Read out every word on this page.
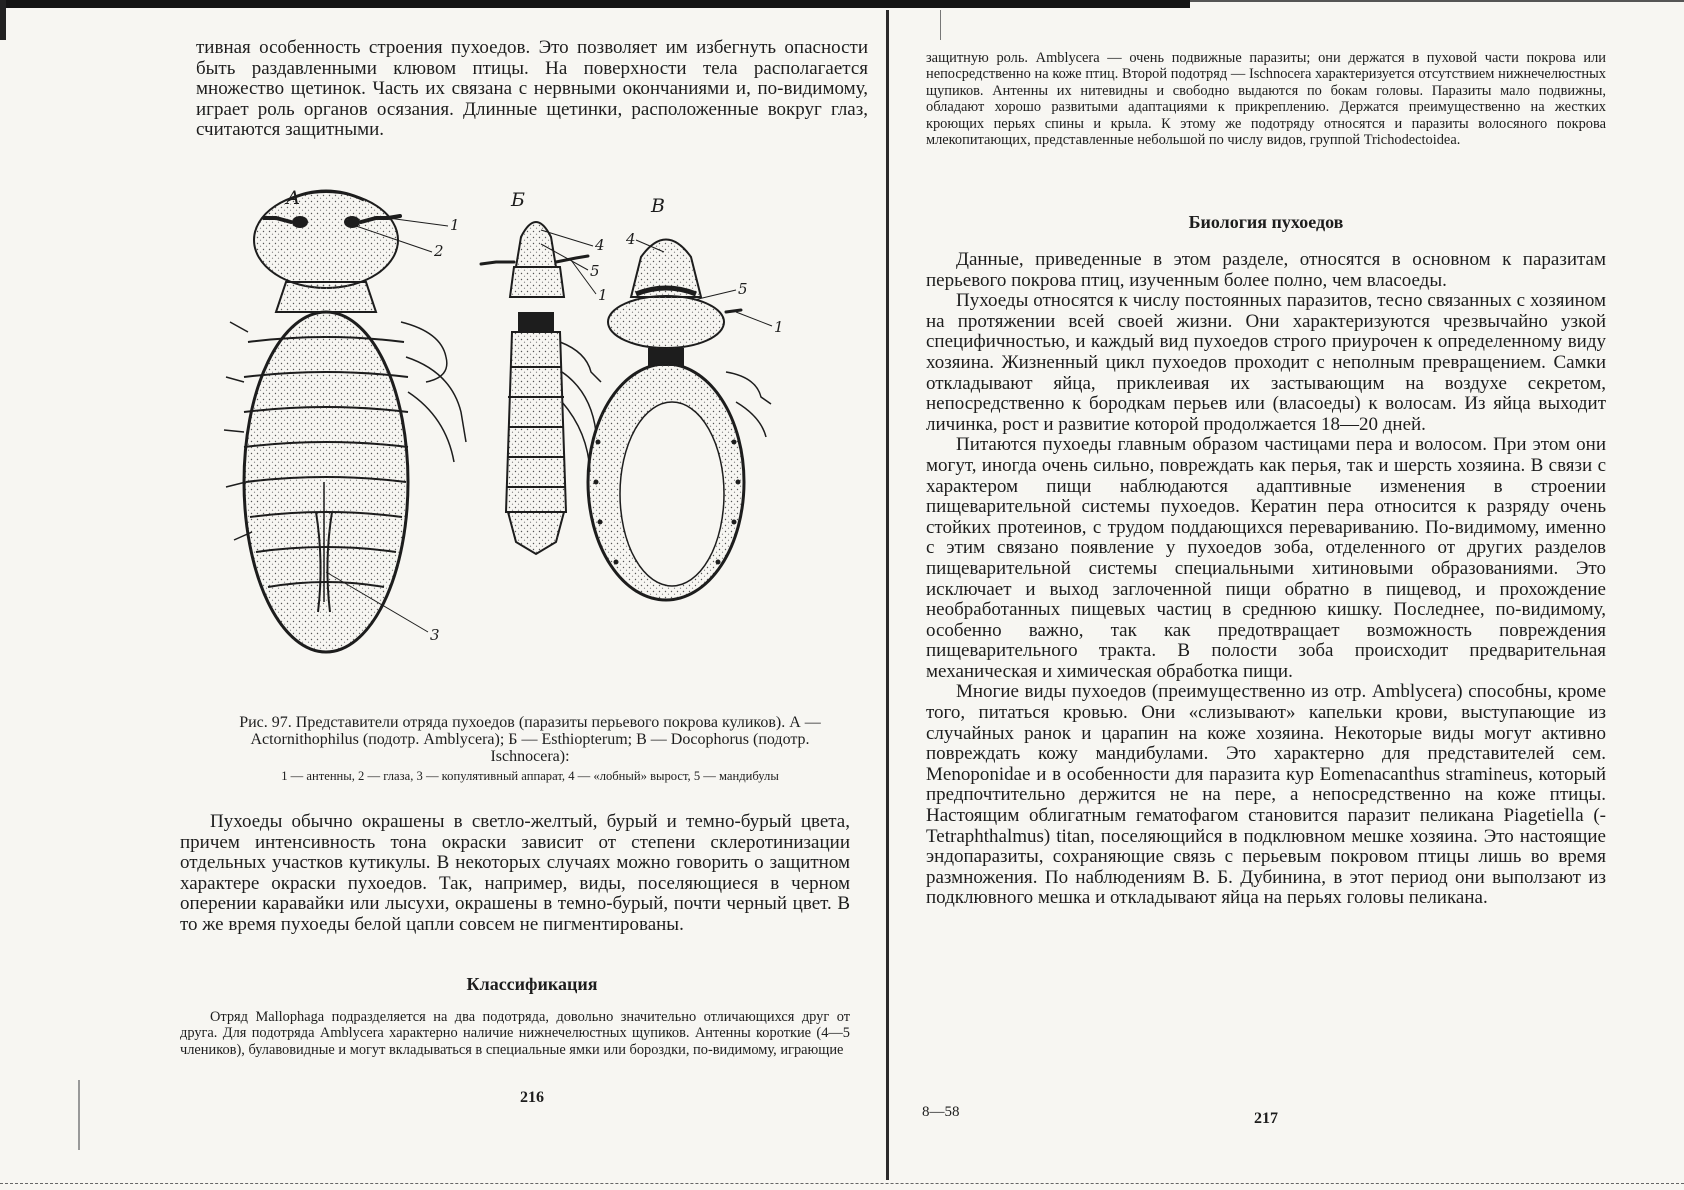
тивная особенность строения пухоедов. Это позволяет им избегнуть опасности быть раздавленными клювом птицы. На поверхности тела располагается множество щетинок. Часть их связана с нервными окончаниями и, по-видимому, играет роль органов осязания. Длинные щетинки, расположенные вокруг глаз, считаются защитными.

А	Б	В
1
2
3
4
5
1
4
5
1
Рис. 97. Представители отряда пухоедов (паразиты перьевого покрова куликов). А — Actornithophilus (подотр. Amblycera); Б — Esthiopterum; В — Docophorus (подотр. Ischnocera):
1 — антенны, 2 — глаза, 3 — копулятивный аппарат, 4 — «лобный» вырост, 5 — мандибулы

Пухоеды обычно окрашены в светло-желтый, бурый и темно-бурый цвета, причем интенсивность тона окраски зависит от степени склеротинизации отдельных участков кутикулы. В некоторых случаях можно говорить о защитном характере окраски пухоедов. Так, например, виды, поселяющиеся в черном оперении каравайки или лысухи, окрашены в темно-бурый, почти черный цвет. В то же время пухоеды белой цапли совсем не пигментированы.

Классификация

Отряд Mallophaga подразделяется на два подотряда, довольно значительно отличающихся друг от друга. Для подотряда Amblycera характерно наличие нижнечелюстных щупиков. Антенны короткие (4—5 члеников), булавовидные и могут вкладываться в специальные ямки или бороздки, по-видимому, играющие

216

защитную роль. Amblycera — очень подвижные паразиты; они держатся в пуховой части покрова или непосредственно на коже птиц. Второй подотряд — Ischnocera характеризуется отсутствием нижнечелюстных щупиков. Антенны их нитевидны и свободно выдаются по бокам головы. Паразиты мало подвижны, обладают хорошо развитыми адаптациями к прикреплению. Держатся преимущественно на жестких кроющих перьях спины и крыла. К этому же подотряду относятся и паразиты волосяного покрова млекопитающих, представленные небольшой по числу видов, группой Trichodectoidea.

Биология пухоедов

Данные, приведенные в этом разделе, относятся в основном к паразитам перьевого покрова птиц, изученным более полно, чем власоеды.

Пухоеды относятся к числу постоянных паразитов, тесно связанных с хозяином на протяжении всей своей жизни. Они характеризуются чрезвычайно узкой специфичностью, и каждый вид пухоедов строго приурочен к определенному виду хозяина. Жизненный цикл пухоедов проходит с неполным превращением. Самки откладывают яйца, приклеивая их застывающим на воздухе секретом, непосредственно к бородкам перьев или (власоеды) к волосам. Из яйца выходит личинка, рост и развитие которой продолжается 18—20 дней.

Питаются пухоеды главным образом частицами пера и волосом. При этом они могут, иногда очень сильно, повреждать как перья, так и шерсть хозяина. В связи с характером пищи наблюдаются адаптивные изменения в строении пищеварительной системы пухоедов. Кератин пера относится к разряду очень стойких протеинов, с трудом поддающихся перевариванию. По-видимому, именно с этим связано появление у пухоедов зоба, отделенного от других разделов пищеварительной системы специальными хитиновыми образованиями. Это исключает и выход заглоченной пищи обратно в пищевод, и прохождение необработанных пищевых частиц в среднюю кишку. Последнее, по-видимому, особенно важно, так как предотвращает возможность повреждения пищеварительного тракта. В полости зоба происходит предварительная механическая и химическая обработка пищи.

Многие виды пухоедов (преимущественно из отр. Amblycera) способны, кроме того, питаться кровью. Они «слизывают» капельки крови, выступающие из случайных ранок и царапин на коже хозяина. Некоторые виды могут активно повреждать кожу мандибулами. Это характерно для представителей сем. Menoponidae и в особенности для паразита кур Eomenacanthus stramineus, который предпочтительно держится не на пере, а непосредственно на коже птицы. Настоящим облигатным гематофагом становится паразит пеликана Piagetiella (-Tetraphthalmus) titan, поселяющийся в подклювном мешке хозяина. Это настоящие эндопаразиты, сохраняющие связь с перьевым покровом птицы лишь во время размножения. По наблюдениям В. Б. Дубинина, в этот период они выползают из подклювного мешка и откладывают яйца на перьях головы пеликана.

8—58	217
